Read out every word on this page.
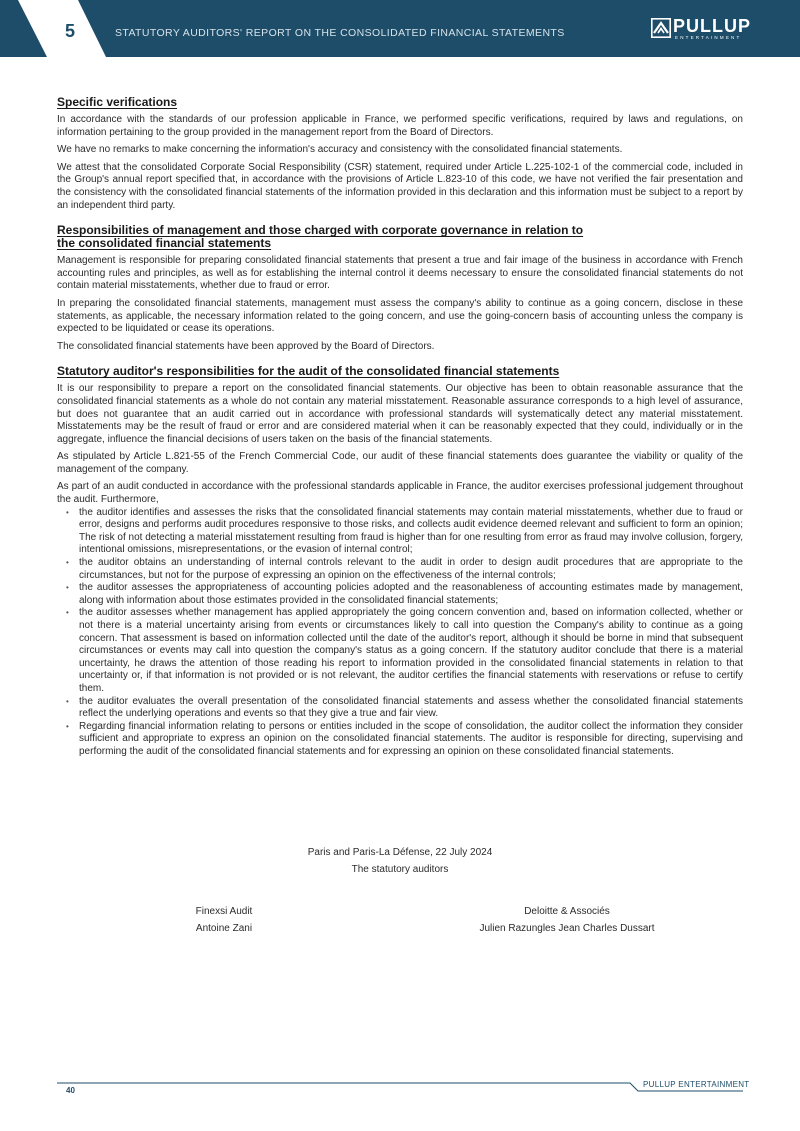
5	STATUTORY AUDITORS' REPORT ON THE CONSOLIDATED FINANCIAL STATEMENTS	PULLUP
ENTERTAINMENT
Specific verifications

In accordance with the standards of our profession applicable in France, we performed specific verifications, required by laws and regulations, on information pertaining to the group provided in the management report from the Board of Directors.

We have no remarks to make concerning the information's accuracy and consistency with the consolidated financial statements.

We attest that the consolidated Corporate Social Responsibility (CSR) statement, required under Article L.225-102-1 of the commercial code, included in the Group's annual report specified that, in accordance with the provisions of Article L.823-10 of this code, we have not verified the fair presentation and the consistency with the consolidated financial statements of the information provided in this declaration and this information must be subject to a report by an independent third party.

Responsibilities of management and those charged with corporate governance in relation to the consolidated financial statements

Management is responsible for preparing consolidated financial statements that present a true and fair image of the business in accordance with French accounting rules and principles, as well as for establishing the internal control it deems necessary to ensure the consolidated financial statements do not contain material misstatements, whether due to fraud or error.

In preparing the consolidated financial statements, management must assess the company's ability to continue as a going concern, disclose in these statements, as applicable, the necessary information related to the going concern, and use the going-concern basis of accounting unless the company is expected to be liquidated or cease its operations.

The consolidated financial statements have been approved by the Board of Directors.

Statutory auditor's responsibilities for the audit of the consolidated financial statements

It is our responsibility to prepare a report on the consolidated financial statements. Our objective has been to obtain reasonable assurance that the consolidated financial statements as a whole do not contain any material misstatement. Reasonable assurance corresponds to a high level of assurance, but does not guarantee that an audit carried out in accordance with professional standards will systematically detect any material misstatement. Misstatements may be the result of fraud or error and are considered material when it can be reasonably expected that they could, individually or in the aggregate, influence the financial decisions of users taken on the basis of the financial statements.

As stipulated by Article L.821-55 of the French Commercial Code, our audit of these financial statements does guarantee the viability or quality of the management of the company.

As part of an audit conducted in accordance with the professional standards applicable in France, the auditor exercises professional judgement throughout the audit. Furthermore,

• the auditor identifies and assesses the risks that the consolidated financial statements may contain material misstatements, whether due to fraud or error, designs and performs audit procedures responsive to those risks, and collects audit evidence deemed relevant and sufficient to form an opinion; The risk of not detecting a material misstatement resulting from fraud is higher than for one resulting from error as fraud may involve collusion, forgery, intentional omissions, misrepresentations, or the evasion of internal control;
• the auditor obtains an understanding of internal controls relevant to the audit in order to design audit procedures that are appropriate to the circumstances, but not for the purpose of expressing an opinion on the effectiveness of the internal controls;
• the auditor assesses the appropriateness of accounting policies adopted and the reasonableness of accounting estimates made by management, along with information about those estimates provided in the consolidated financial statements;
• the auditor assesses whether management has applied appropriately the going concern convention and, based on information collected, whether or not there is a material uncertainty arising from events or circumstances likely to call into question the Company's ability to continue as a going concern. That assessment is based on information collected until the date of the auditor's report, although it should be borne in mind that subsequent circumstances or events may call into question the company's status as a going concern. If the statutory auditor conclude that there is a material uncertainty, he draws the attention of those reading his report to information provided in the consolidated financial statements in relation to that uncertainty or, if that information is not provided or is not relevant, the auditor certifies the financial statements with reservations or refuse to certify them.
• the auditor evaluates the overall presentation of the consolidated financial statements and assess whether the consolidated financial statements reflect the underlying operations and events so that they give a true and fair view.
• Regarding financial information relating to persons or entities included in the scope of consolidation, the auditor collect the information they consider sufficient and appropriate to express an opinion on the consolidated financial statements. The auditor is responsible for directing, supervising and performing the audit of the consolidated financial statements and for expressing an opinion on these consolidated financial statements.
Paris and Paris-La Défense, 22 July 2024
The statutory auditors
Finexsi Audit	Deloitte & Associés
Antoine Zani	Julien Razungles Jean Charles Dussart
40
PULLUP ENTERTAINMENT
